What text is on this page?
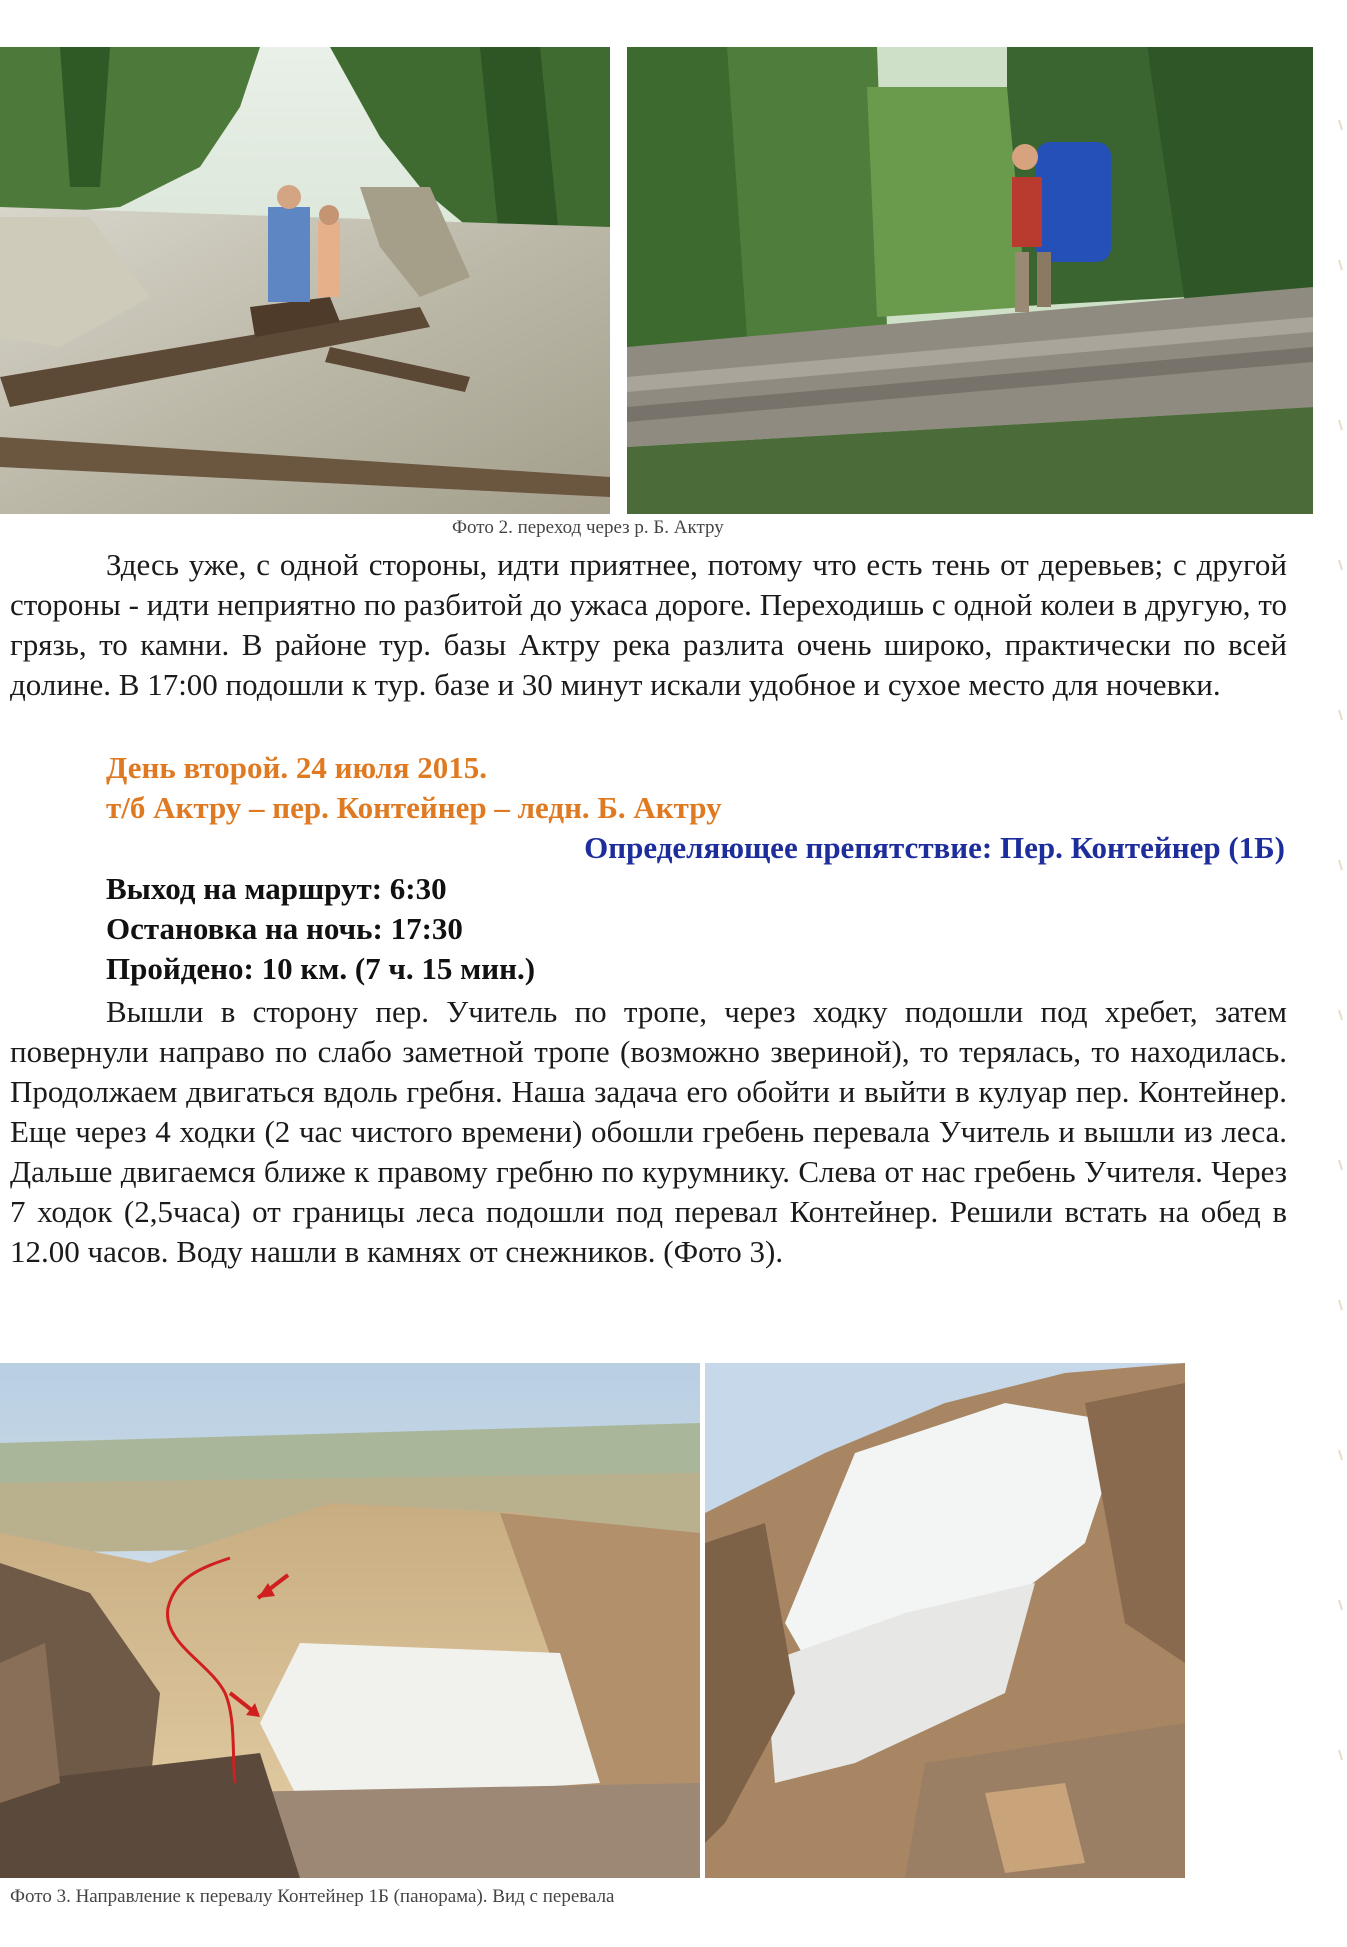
Фото 2. переход через р. Б. Актру

Здесь уже, с одной стороны, идти приятнее, потому что есть тень от деревьев; с другой стороны - идти неприятно по разбитой до ужаса дороге. Переходишь с одной колеи в другую, то грязь, то камни. В районе тур. базы Актру река разлита очень широко, практически по всей долине. В 17:00 подошли к тур. базе и 30 минут искали удобное и сухое место для ночевки.

День второй. 24 июля 2015.
т/б Актру – пер. Контейнер – ледн. Б. Актру
Определяющее препятствие: Пер. Контейнер (1Б)
Выход на маршрут: 6:30
Остановка на ночь: 17:30
Пройдено: 10 км. (7 ч. 15 мин.)

Вышли в сторону пер. Учитель по тропе, через ходку подошли под хребет, затем повернули направо по слабо заметной тропе (возможно звериной), то терялась, то находилась. Продолжаем двигаться вдоль гребня. Наша задача его обойти и выйти в кулуар пер. Контейнер. Еще через 4 ходки (2 час чистого времени) обошли гребень перевала Учитель и вышли из леса. Дальше двигаемся ближе к правому гребню по курумнику. Слева от нас гребень Учителя. Через 7 ходок (2,5часа) от границы леса подошли под перевал Контейнер. Решили встать на обед в 12.00 часов. Воду нашли в камнях от снежников. (Фото 3).

Фото 3. Направление к перевалу Контейнер 1Б (панорама). Вид с перевала
